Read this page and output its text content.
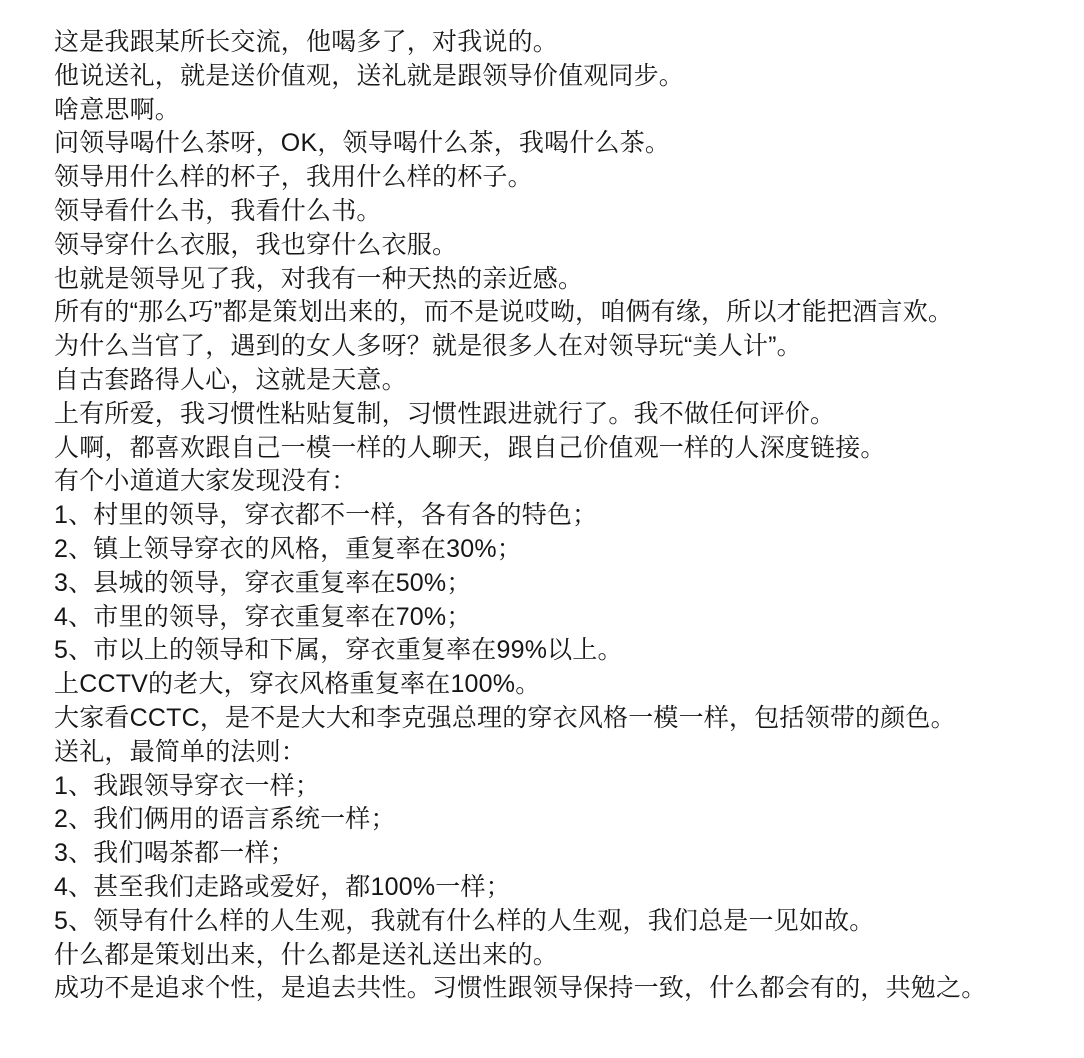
这是我跟某所长交流，他喝多了，对我说的。

他说送礼，就是送价值观，送礼就是跟领导价值观同步。

啥意思啊。

问领导喝什么茶呀，OK，领导喝什么茶，我喝什么茶。

领导用什么样的杯子，我用什么样的杯子。

领导看什么书，我看什么书。

领导穿什么衣服，我也穿什么衣服。

也就是领导见了我，对我有一种天热的亲近感。

所有的“那么巧”都是策划出来的，而不是说哎呦，咱俩有缘，所以才能把酒言欢。

为什么当官了，遇到的女人多呀？就是很多人在对领导玩“美人计”。

自古套路得人心，这就是天意。

上有所爱，我习惯性粘贴复制，习惯性跟进就行了。我不做任何评价。

人啊，都喜欢跟自己一模一样的人聊天，跟自己价值观一样的人深度链接。

有个小道道大家发现没有：

1、村里的领导，穿衣都不一样，各有各的特色；

2、镇上领导穿衣的风格，重复率在30%；

3、县城的领导，穿衣重复率在50%；

4、市里的领导，穿衣重复率在70%；

5、市以上的领导和下属，穿衣重复率在99%以上。

上CCTV的老大，穿衣风格重复率在100%。

大家看CCTC，是不是大大和李克强总理的穿衣风格一模一样，包括领带的颜色。

送礼，最简单的法则：

1、我跟领导穿衣一样；

2、我们俩用的语言系统一样；

3、我们喝茶都一样；

4、甚至我们走路或爱好，都100%一样；

5、领导有什么样的人生观，我就有什么样的人生观，我们总是一见如故。

什么都是策划出来，什么都是送礼送出来的。

成功不是追求个性，是追去共性。习惯性跟领导保持一致，什么都会有的，共勉之。
